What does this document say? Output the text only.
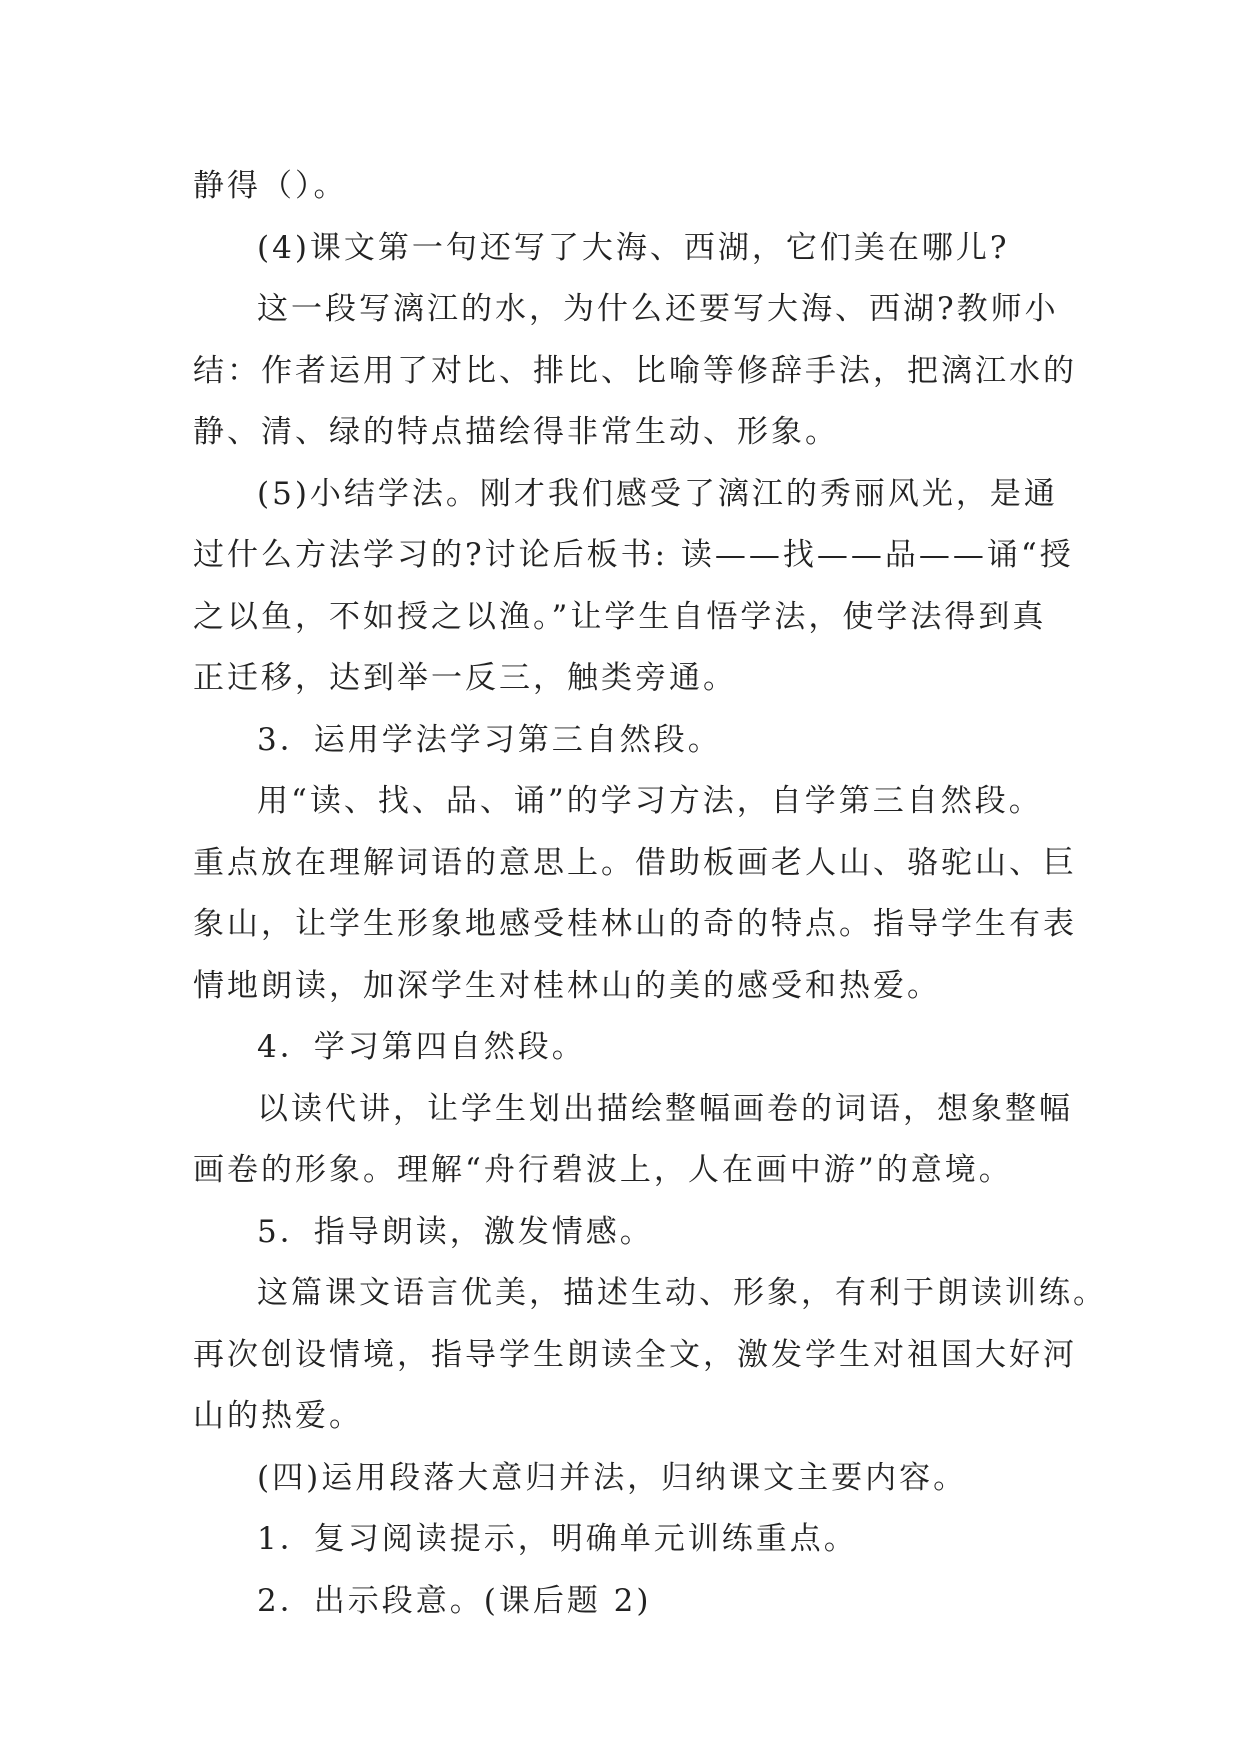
静得（）。

(4)课文第一句还写了大海、西湖，它们美在哪儿?

这一段写漓江的水，为什么还要写大海、西湖?教师小

结：作者运用了对比、排比、比喻等修辞手法，把漓江水的

静、清、绿的特点描绘得非常生动、形象。

(5)小结学法。刚才我们感受了漓江的秀丽风光，是通

过什么方法学习的?讨论后板书: 读——找——品——诵“授

之以鱼，不如授之以渔。”让学生自悟学法，使学法得到真

正迁移，达到举一反三，触类旁通。

3．运用学法学习第三自然段。

用“读、找、品、诵”的学习方法，自学第三自然段。

重点放在理解词语的意思上。借助板画老人山、骆驼山、巨

象山，让学生形象地感受桂林山的奇的特点。指导学生有表

情地朗读，加深学生对桂林山的美的感受和热爱。

4．学习第四自然段。

以读代讲，让学生划出描绘整幅画卷的词语，想象整幅

画卷的形象。理解“舟行碧波上，人在画中游”的意境。

5．指导朗读，激发情感。

这篇课文语言优美，描述生动、形象，有利于朗读训练。

再次创设情境，指导学生朗读全文，激发学生对祖国大好河

山的热爱。

(四)运用段落大意归并法，归纳课文主要内容。

1．复习阅读提示，明确单元训练重点。

2．出示段意。(课后题 2)
